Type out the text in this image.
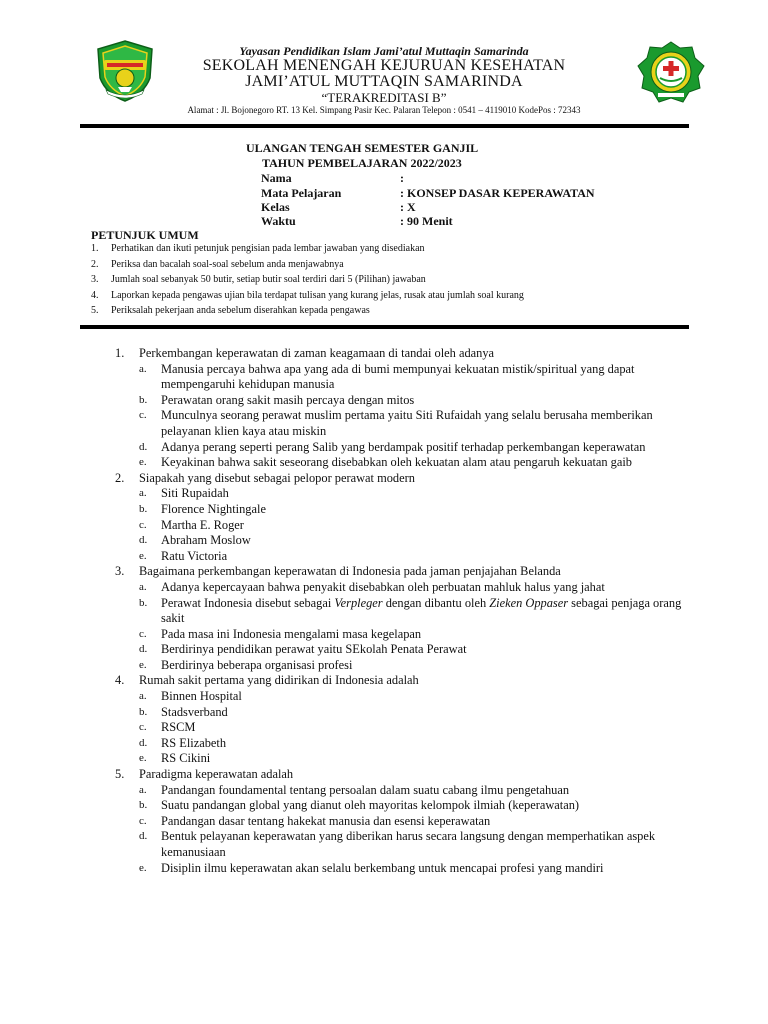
Yayasan Pendidikan Islam Jami’atul Muttaqin Samarinda
SEKOLAH MENENGAH KEJURUAN KESEHATAN
JAMI’ATUL MUTTAQIN SAMARINDA
“TERAKREDITASI B”
Alamat : Jl. Bojonegoro RT. 13 Kel. Simpang Pasir Kec. Palaran Telepon : 0541 – 4119010 KodePos : 72343
ULANGAN TENGAH SEMESTER GANJIL
TAHUN PEMBELAJARAN 2022/2023
Nama	:
Mata Pelajaran	: KONSEP DASAR KEPERAWATAN
Kelas	: X
Waktu	: 90 Menit
PETUNJUK UMUM
1. Perhatikan dan ikuti petunjuk pengisian pada lembar jawaban yang disediakan
2. Periksa dan bacalah soal-soal sebelum anda menjawabnya
3. Jumlah soal sebanyak 50 butir, setiap butir soal terdiri dari 5 (Pilihan) jawaban
4. Laporkan kepada pengawas ujian bila terdapat tulisan yang kurang jelas, rusak atau jumlah soal kurang
5. Periksalah pekerjaan anda sebelum diserahkan kepada pengawas
1.	Perkembangan keperawatan di zaman keagamaan di tandai oleh adanya
a.	Manusia percaya bahwa apa yang ada di bumi mempunyai kekuatan mistik/spiritual yang dapat mempengaruhi kehidupan manusia
b.	Perawatan orang sakit masih percaya dengan mitos
c.	Munculnya seorang perawat muslim pertama yaitu Siti Rufaidah yang selalu berusaha memberikan pelayanan klien kaya atau miskin
d.	Adanya perang seperti perang Salib yang berdampak positif terhadap perkembangan keperawatan
e.	Keyakinan bahwa sakit seseorang disebabkan oleh kekuatan alam atau pengaruh kekuatan gaib
2.	Siapakah yang disebut sebagai pelopor perawat modern
a.	Siti Rupaidah
b.	Florence Nightingale
c.	Martha E. Roger
d.	Abraham Moslow
e.	Ratu Victoria
3.	Bagaimana perkembangan keperawatan di Indonesia pada jaman penjajahan Belanda
a.	Adanya kepercayaan bahwa penyakit disebabkan oleh perbuatan mahluk halus yang jahat
b.	Perawat Indonesia disebut sebagai Verpleger dengan dibantu oleh Zieken Oppaser sebagai penjaga orang sakit
c.	Pada masa ini Indonesia mengalami masa kegelapan
d.	Berdirinya pendidikan perawat yaitu SEkolah Penata Perawat
e.	Berdirinya beberapa organisasi profesi
4.	Rumah sakit pertama yang didirikan di Indonesia adalah
a.	Binnen Hospital
b.	Stadsverband
c.	RSCM
d.	RS Elizabeth
e.	RS Cikini
5.	Paradigma keperawatan adalah
a.	Pandangan foundamental tentang persoalan dalam suatu cabang ilmu pengetahuan
b.	Suatu pandangan global yang dianut oleh mayoritas kelompok ilmiah (keperawatan)
c.	Pandangan dasar tentang hakekat manusia dan esensi keperawatan
d.	Bentuk pelayanan keperawatan yang diberikan harus secara langsung dengan memperhatikan aspek kemanusiaan
e.	Disiplin ilmu keperawatan akan selalu berkembang untuk mencapai profesi yang mandiri
